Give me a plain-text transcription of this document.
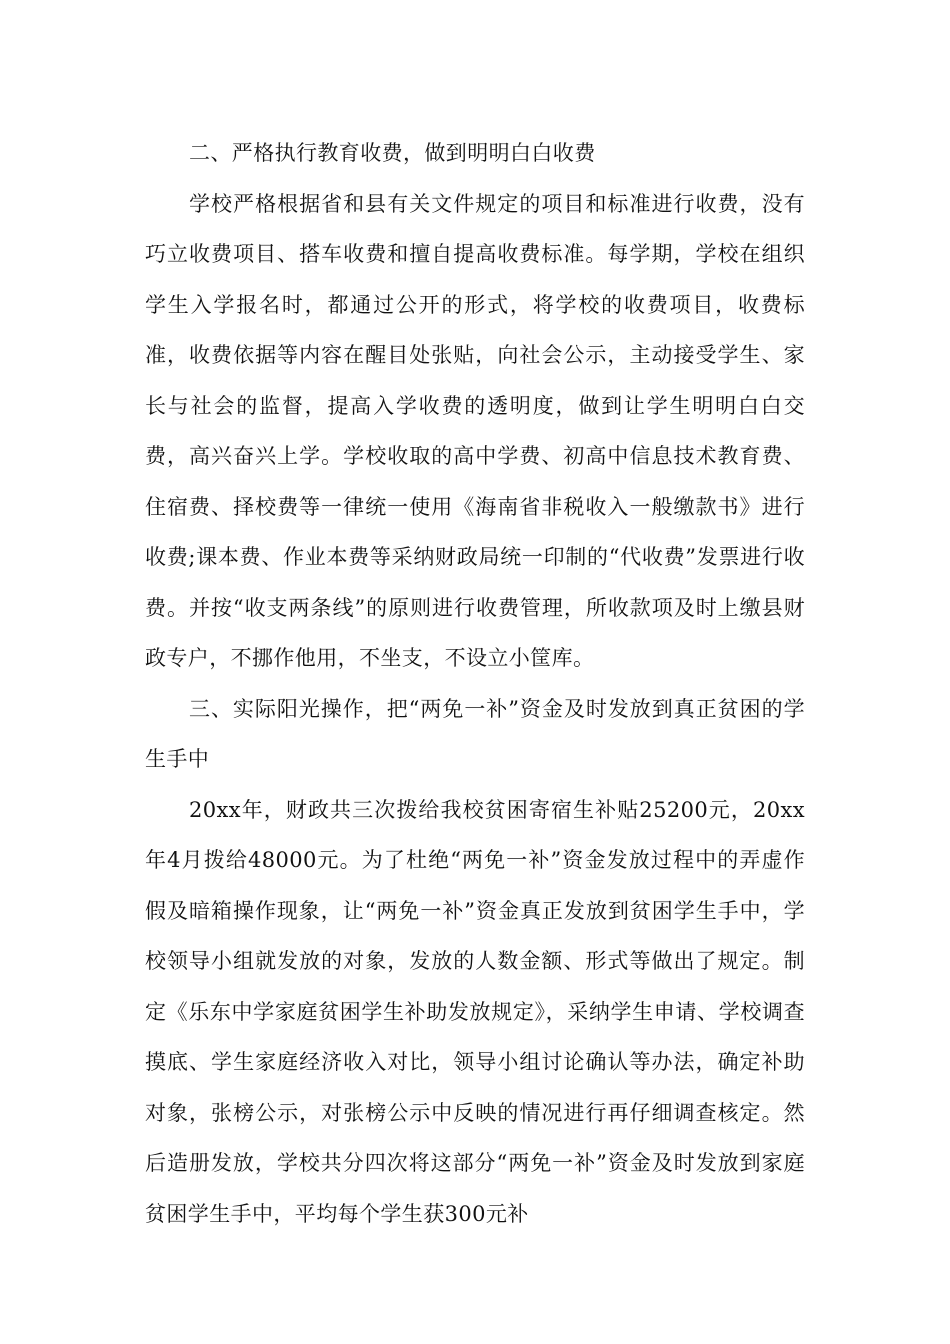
二、严格执行教育收费，做到明明白白收费

学校严格根据省和县有关文件规定的项目和标准进行收费，没有巧立收费项目、搭车收费和擅自提高收费标准。每学期，学校在组织学生入学报名时，都通过公开的形式，将学校的收费项目，收费标准，收费依据等内容在醒目处张贴，向社会公示，主动接受学生、家长与社会的监督，提高入学收费的透明度，做到让学生明明白白交费，高兴奋兴上学。学校收取的高中学费、初高中信息技术教育费、住宿费、择校费等一律统一使用《海南省非税收入一般缴款书》进行收费;课本费、作业本费等采纳财政局统一印制的“代收费”发票进行收费。并按“收支两条线”的原则进行收费管理，所收款项及时上缴县财政专户，不挪作他用，不坐支，不设立小筐库。

三、实际阳光操作，把“两免一补”资金及时发放到真正贫困的学生手中

20xx年，财政共三次拨给我校贫困寄宿生补贴25200元，20xx年4月拨给48000元。为了杜绝“两免一补”资金发放过程中的弄虚作假及暗箱操作现象，让“两免一补”资金真正发放到贫困学生手中，学校领导小组就发放的对象，发放的人数金额、形式等做出了规定。制定《乐东中学家庭贫困学生补助发放规定》，采纳学生申请、学校调查摸底、学生家庭经济收入对比，领导小组讨论确认等办法，确定补助对象，张榜公示，对张榜公示中反映的情况进行再仔细调查核定。然后造册发放，学校共分四次将这部分“两免一补”资金及时发放到家庭贫困学生手中，平均每个学生获300元补
